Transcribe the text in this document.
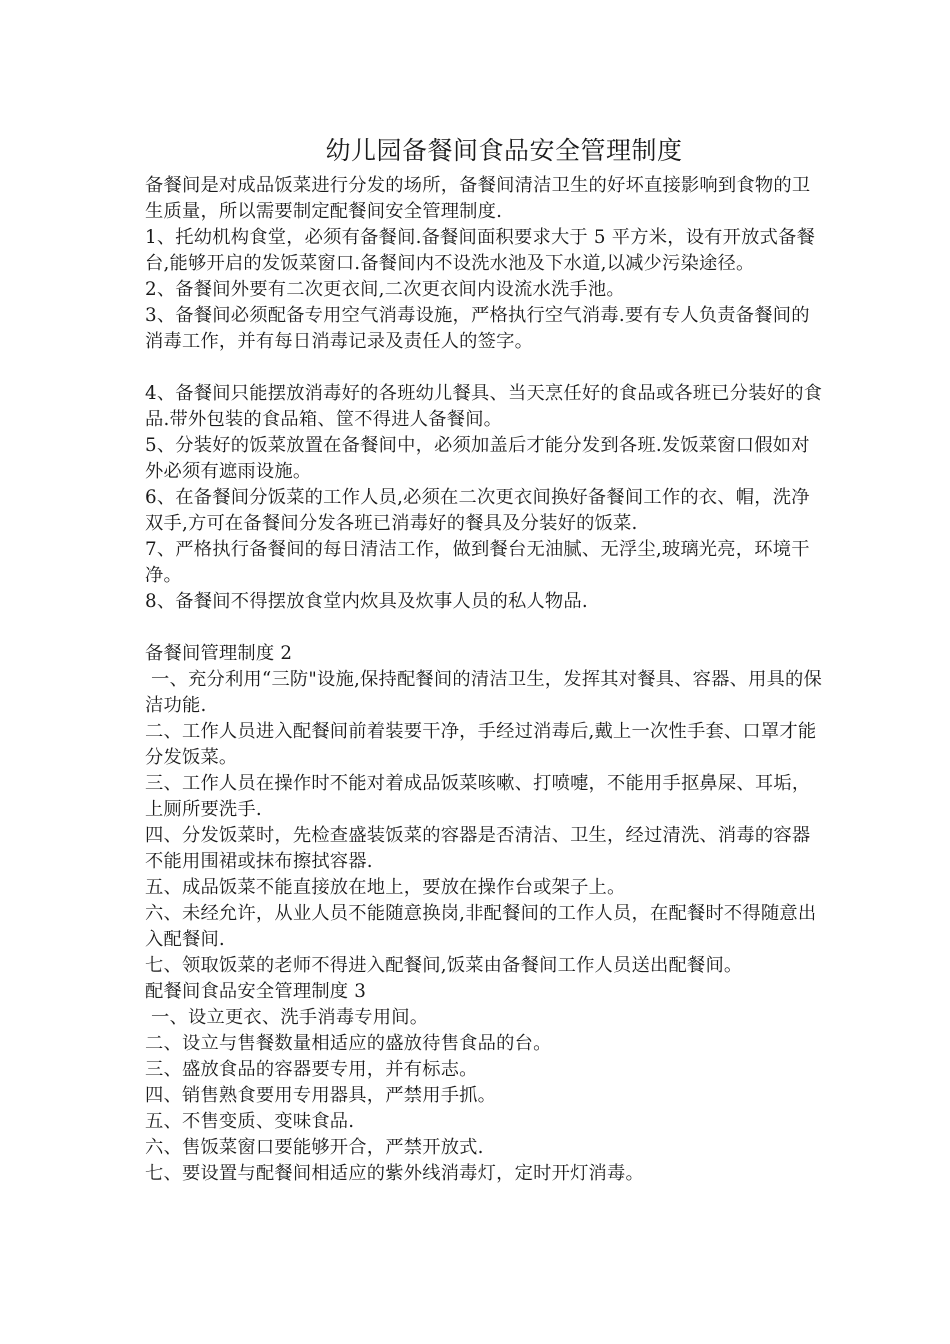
幼儿园备餐间食品安全管理制度

备餐间是对成品饭菜进行分发的场所，备餐间清洁卫生的好坏直接影响到食物的卫生质量，所以需要制定配餐间安全管理制度.

1、托幼机构食堂，必须有备餐间.备餐间面积要求大于 5 平方米，设有开放式备餐台,能够开启的发饭菜窗口.备餐间内不设洗水池及下水道,以减少污染途径。

2、备餐间外要有二次更衣间,二次更衣间内设流水洗手池。

3、备餐间必须配备专用空气消毒设施，严格执行空气消毒.要有专人负责备餐间的消毒工作，并有每日消毒记录及责任人的签字。

4、备餐间只能摆放消毒好的各班幼儿餐具、当天烹任好的食品或各班已分装好的食品.带外包装的食品箱、筐不得进人备餐间。

5、分装好的饭菜放置在备餐间中，必须加盖后才能分发到各班.发饭菜窗口假如对外必须有遮雨设施。

6、在备餐间分饭菜的工作人员,必须在二次更衣间换好备餐间工作的衣、帽，洗净双手,方可在备餐间分发各班已消毒好的餐具及分装好的饭菜.

7、严格执行备餐间的每日清洁工作，做到餐台无油腻、无浮尘,玻璃光亮，环境干净。

8、备餐间不得摆放食堂内炊具及炊事人员的私人物品.

备餐间管理制度 2

一、充分利用“三防"设施,保持配餐间的清洁卫生，发挥其对餐具、容器、用具的保洁功能.

二、工作人员进入配餐间前着装要干净，手经过消毒后,戴上一次性手套、口罩才能分发饭菜。

三、工作人员在操作时不能对着成品饭菜咳嗽、打喷嚏，不能用手抠鼻屎、耳垢，上厕所要洗手.

四、分发饭菜时，先检查盛装饭菜的容器是否清洁、卫生，经过清洗、消毒的容器不能用围裙或抹布擦拭容器.

五、成品饭菜不能直接放在地上，要放在操作台或架子上。

六、未经允许，从业人员不能随意换岗,非配餐间的工作人员，在配餐时不得随意出入配餐间.

七、领取饭菜的老师不得进入配餐间,饭菜由备餐间工作人员送出配餐间。

配餐间食品安全管理制度 3

一、设立更衣、洗手消毒专用间。

二、设立与售餐数量相适应的盛放待售食品的台。

三、盛放食品的容器要专用，并有标志。

四、销售熟食要用专用器具，严禁用手抓。

五、不售变质、变味食品.

六、售饭菜窗口要能够开合，严禁开放式.

七、要设置与配餐间相适应的紫外线消毒灯，定时开灯消毒。
